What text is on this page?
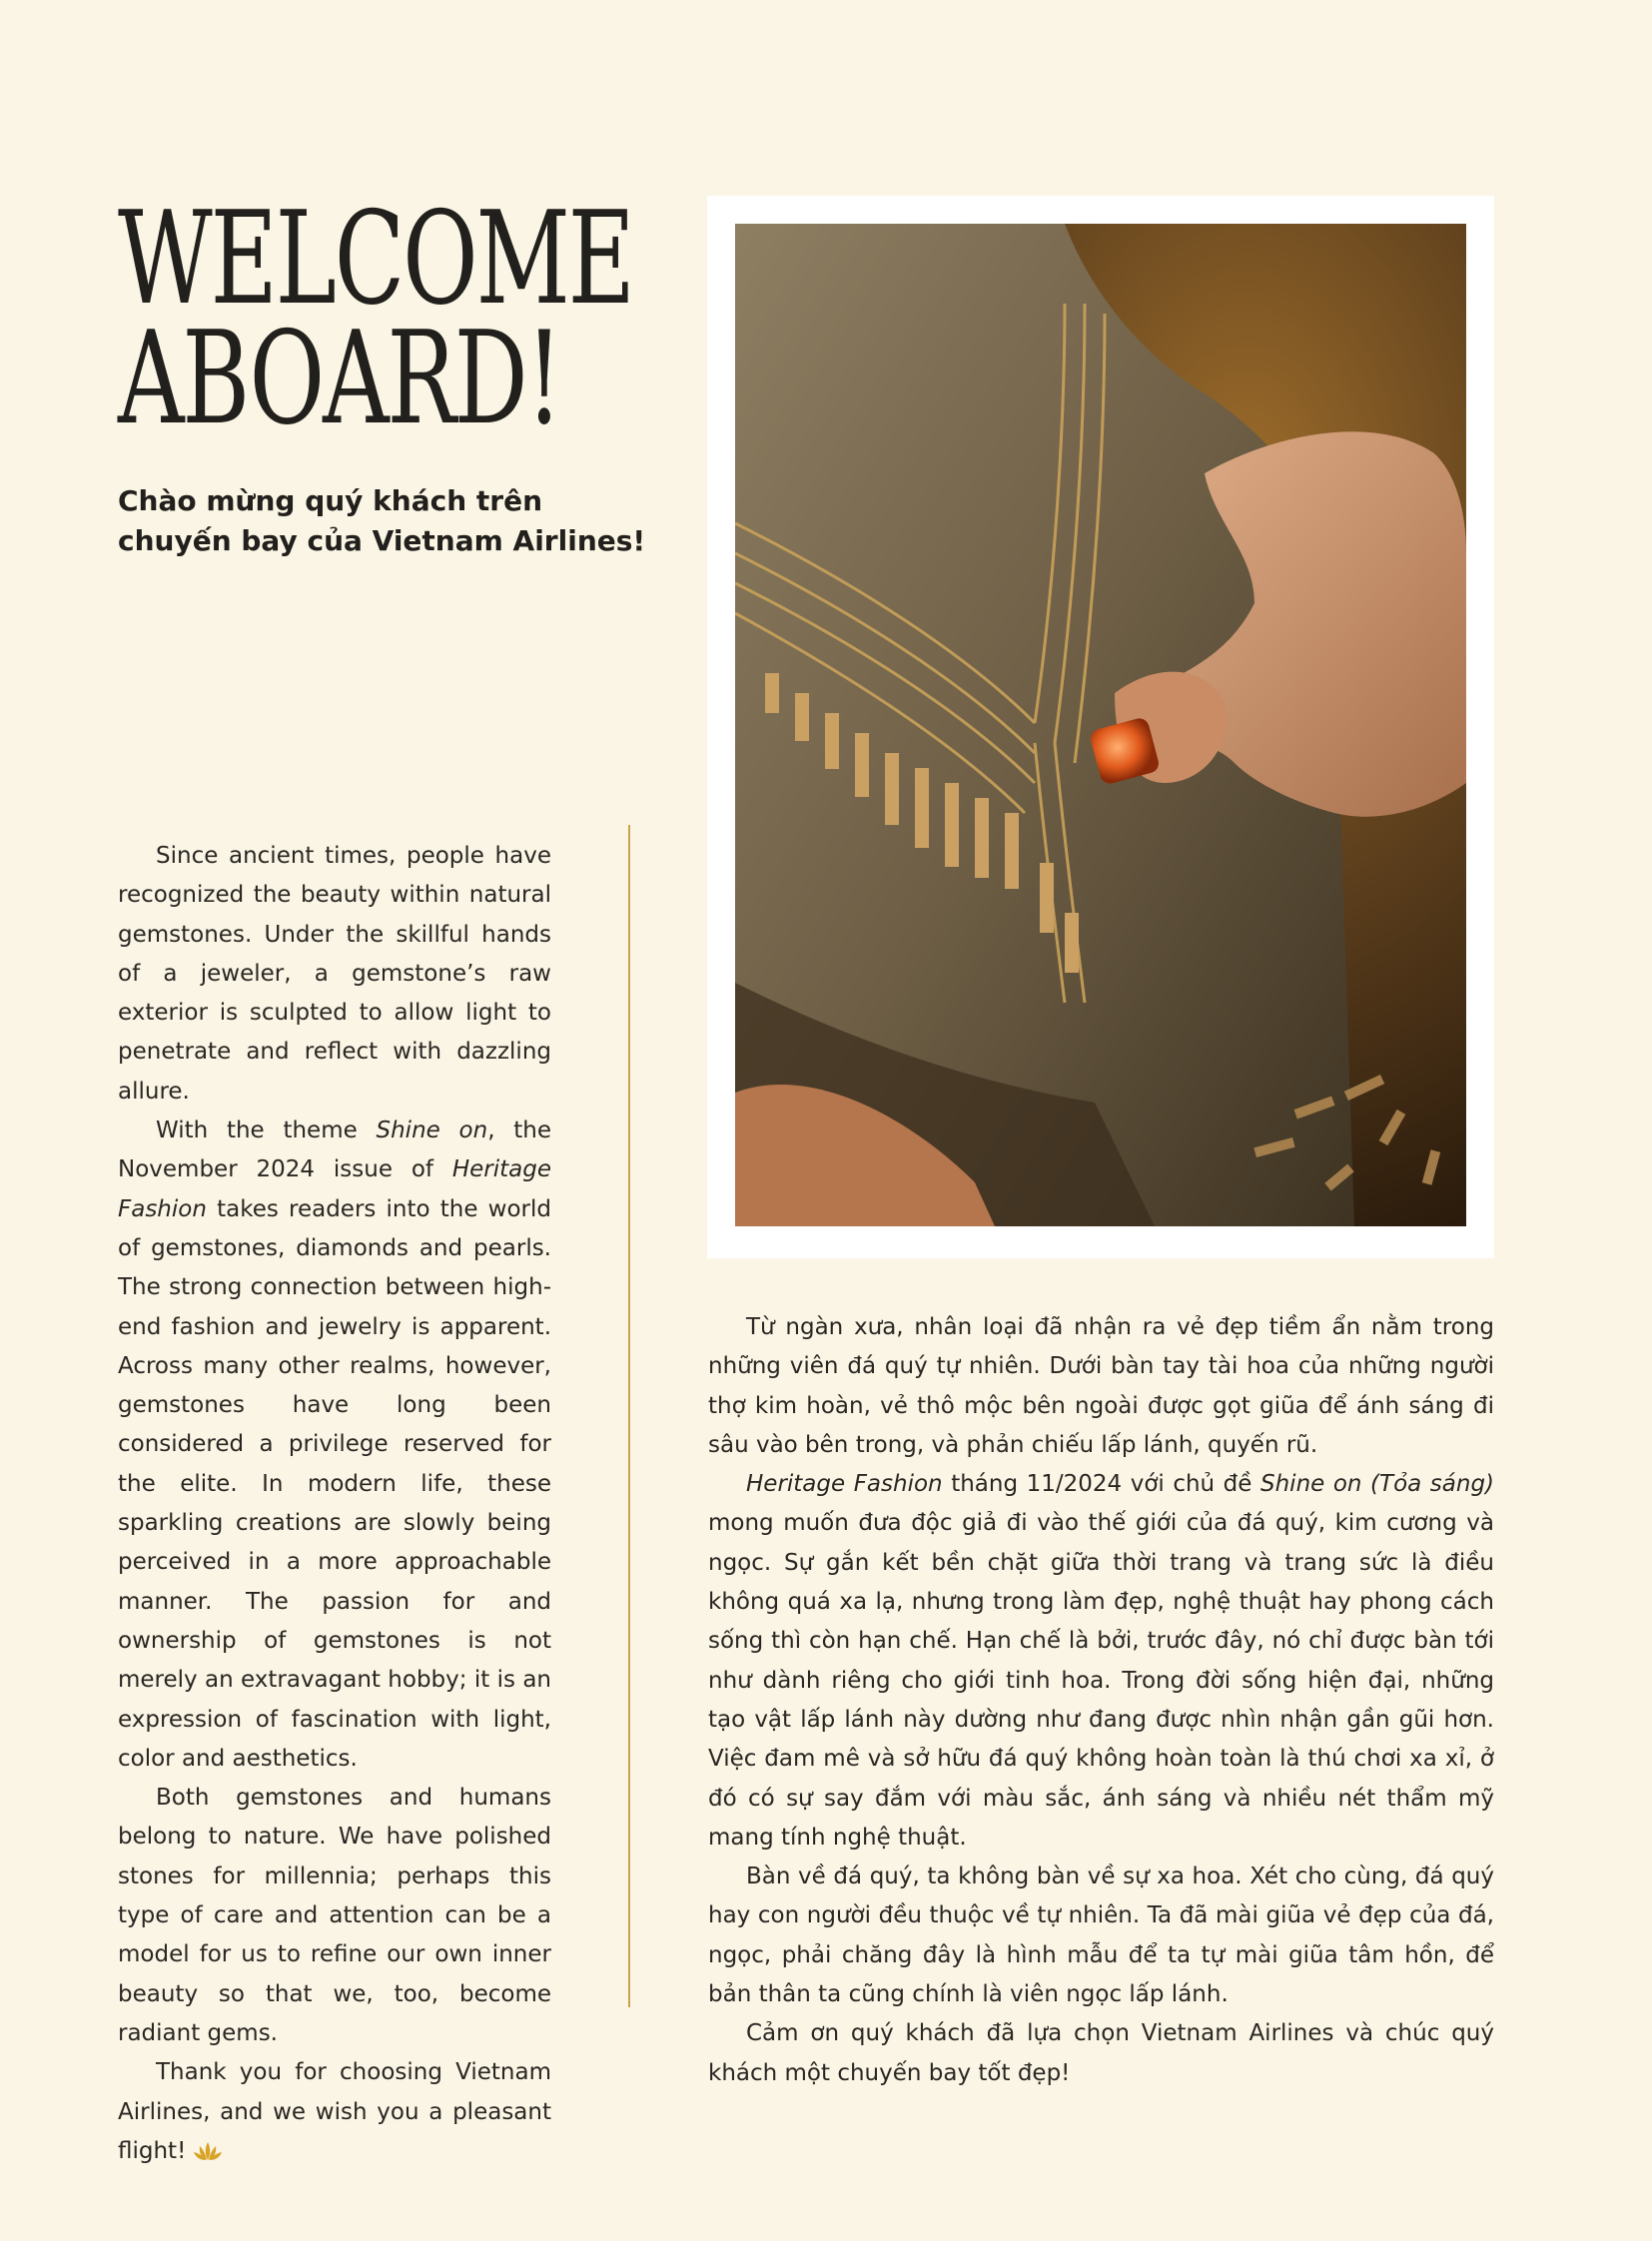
WELCOME
ABOARD!
Chào mừng quý khách trên
chuyến bay của Vietnam Airlines!

Since ancient times, people have recognized the beauty within natural gemstones. Under the skillful hands of a jeweler, a gemstone’s raw exterior is sculpted to allow light to penetrate and reflect with dazzling allure.

With the theme Shine on, the November 2024 issue of Heritage Fashion takes readers into the world of gemstones, diamonds and pearls. The strong connection between high-end fashion and jewelry is apparent. Across many other realms, however, gemstones have long been considered a privilege reserved for the elite. In modern life, these sparkling creations are slowly being perceived in a more approachable manner. The passion for and ownership of gemstones is not merely an extravagant hobby; it is an expression of fascination with light, color and aesthetics.

Both gemstones and humans belong to nature. We have polished stones for millennia; perhaps this type of care and attention can be a model for us to refine our own inner beauty so that we, too, become radiant gems.

Thank you for choosing Vietnam Airlines, and we wish you a pleasant flight!

Từ ngàn xưa, nhân loại đã nhận ra vẻ đẹp tiềm ẩn nằm trong những viên đá quý tự nhiên. Dưới bàn tay tài hoa của những người thợ kim hoàn, vẻ thô mộc bên ngoài được gọt giũa để ánh sáng đi sâu vào bên trong, và phản chiếu lấp lánh, quyến rũ.

Heritage Fashion tháng 11/2024 với chủ đề Shine on (Tỏa sáng) mong muốn đưa độc giả đi vào thế giới của đá quý, kim cương và ngọc. Sự gắn kết bền chặt giữa thời trang và trang sức là điều không quá xa lạ, nhưng trong làm đẹp, nghệ thuật hay phong cách sống thì còn hạn chế. Hạn chế là bởi, trước đây, nó chỉ được bàn tới như dành riêng cho giới tinh hoa. Trong đời sống hiện đại, những tạo vật lấp lánh này dường như đang được nhìn nhận gần gũi hơn. Việc đam mê và sở hữu đá quý không hoàn toàn là thú chơi xa xỉ, ở đó có sự say đắm với màu sắc, ánh sáng và nhiều nét thẩm mỹ mang tính nghệ thuật.

Bàn về đá quý, ta không bàn về sự xa hoa. Xét cho cùng, đá quý hay con người đều thuộc về tự nhiên. Ta đã mài giũa vẻ đẹp của đá, ngọc, phải chăng đây là hình mẫu để ta tự mài giũa tâm hồn, để bản thân ta cũng chính là viên ngọc lấp lánh.

Cảm ơn quý khách đã lựa chọn Vietnam Airlines và chúc quý khách một chuyến bay tốt đẹp!
